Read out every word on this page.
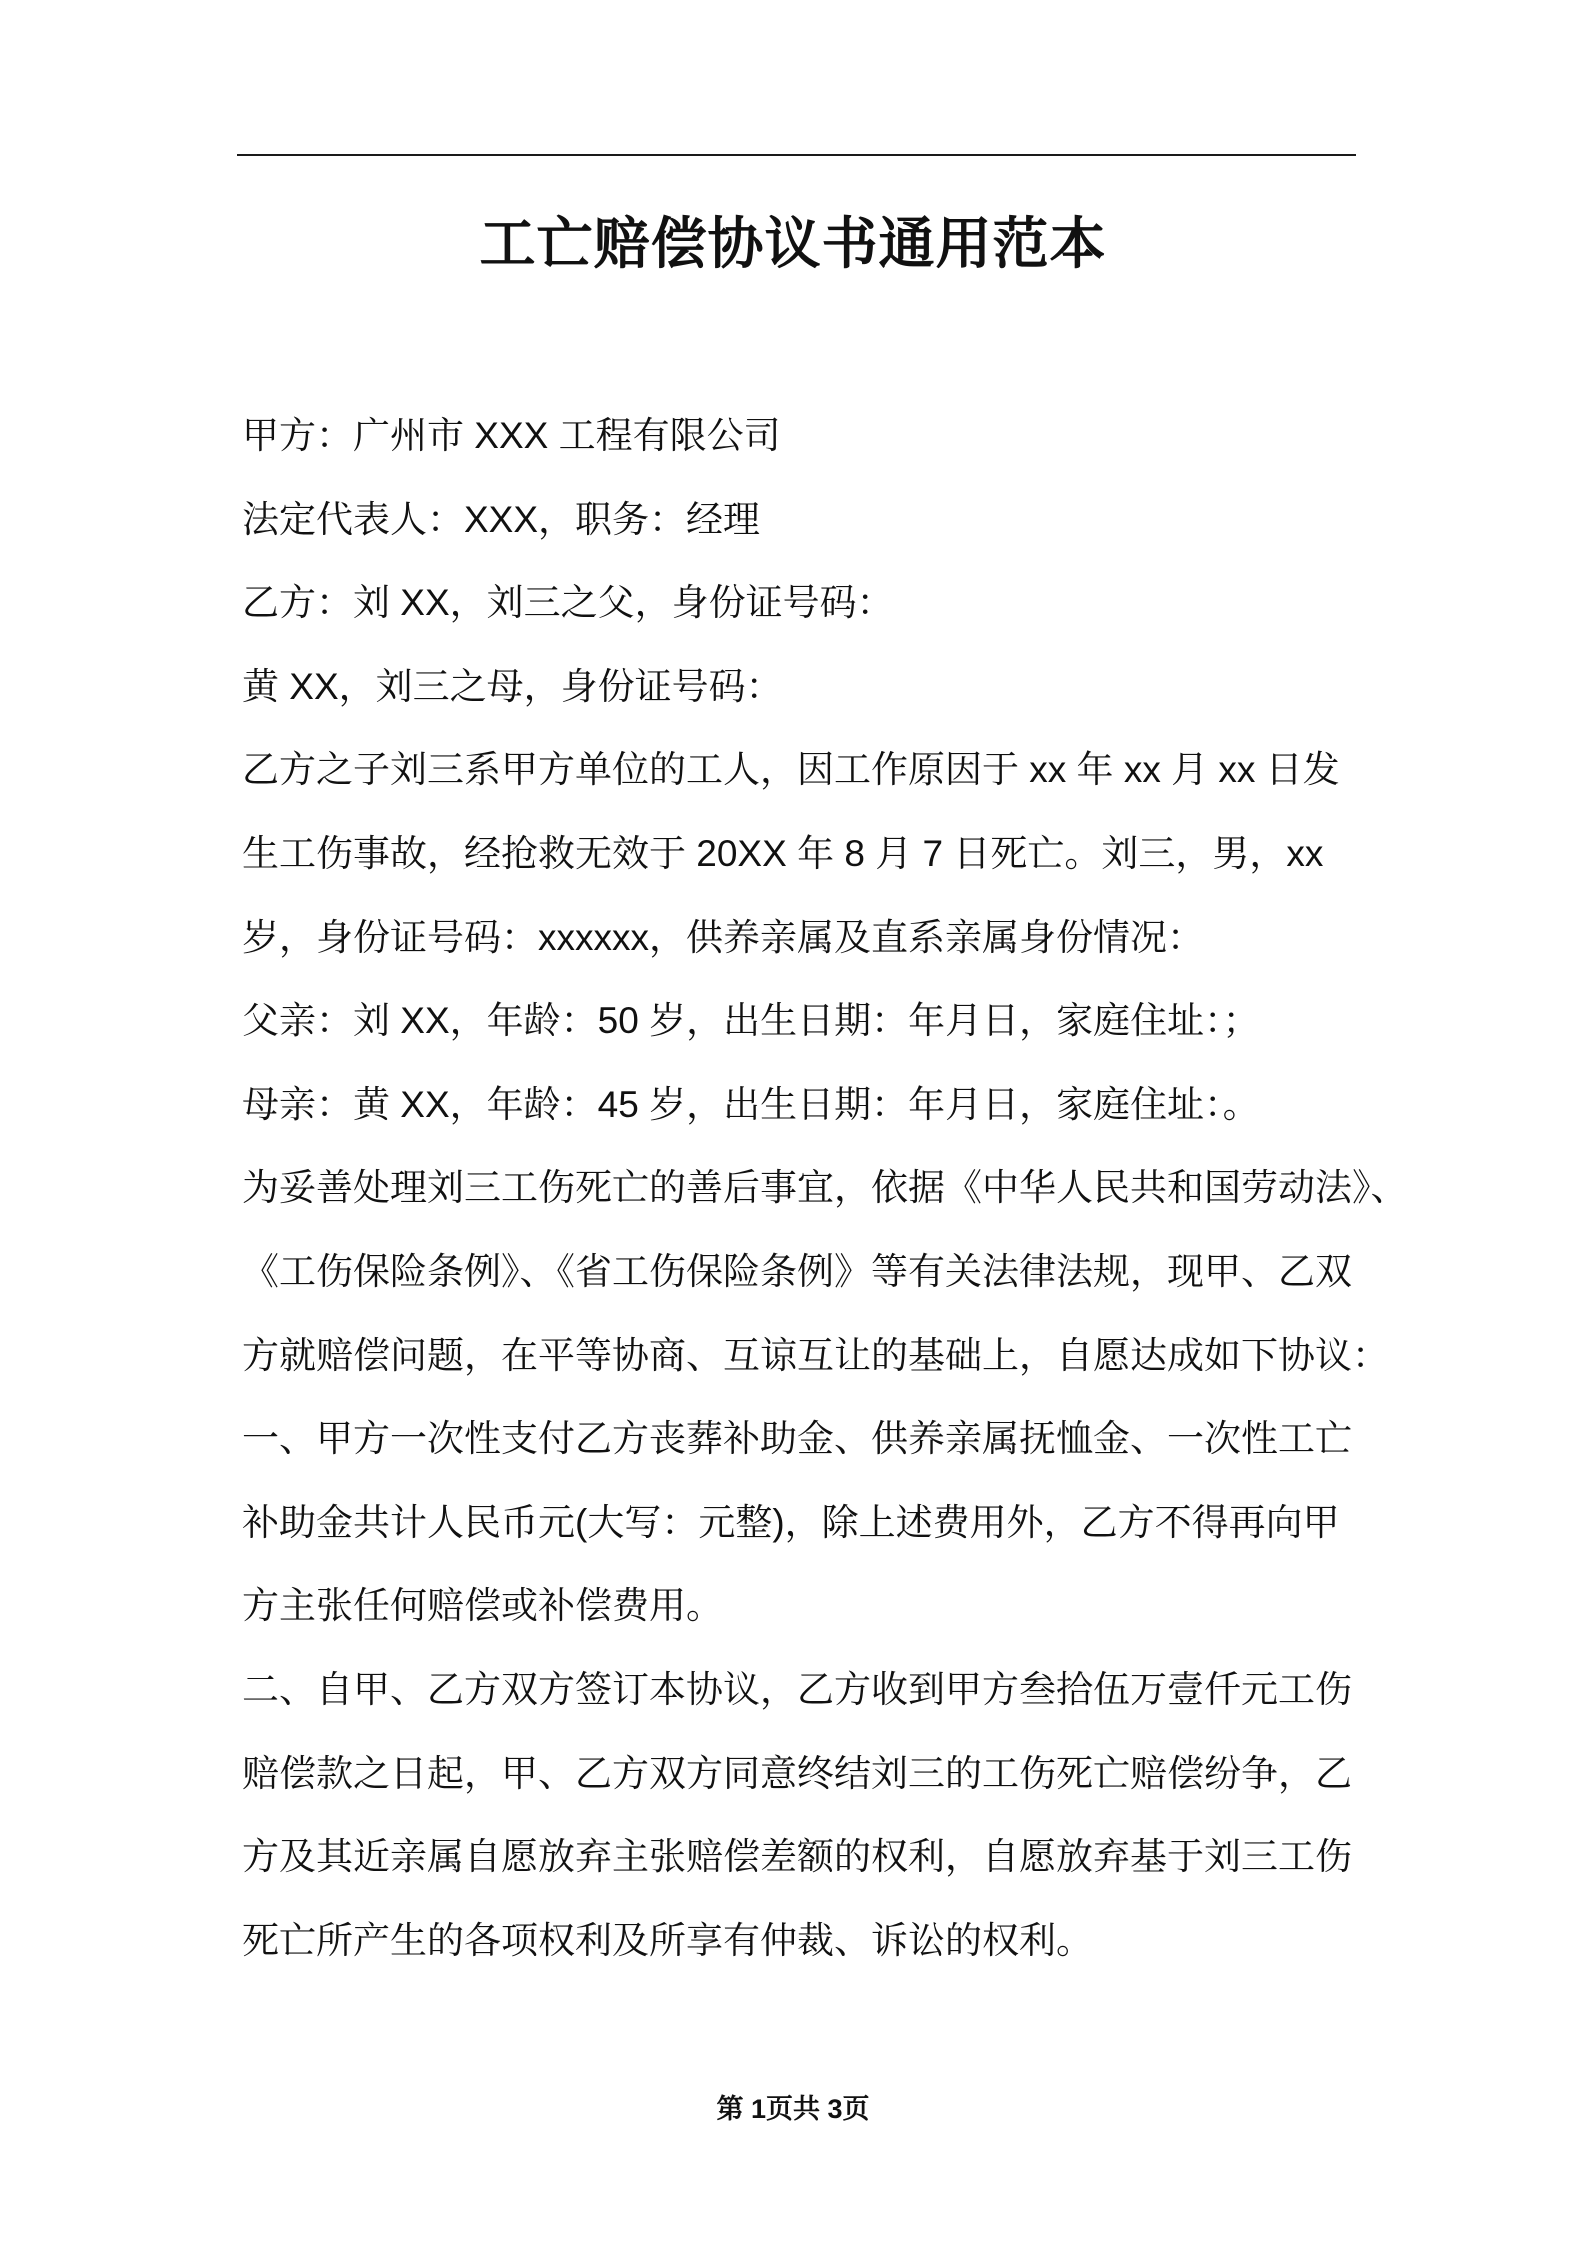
工亡赔偿协议书通用范本
甲方：广州市 XXX 工程有限公司
法定代表人：XXX，职务：经理
乙方：刘 XX，刘三之父，身份证号码：
黄 XX，刘三之母，身份证号码：
乙方之子刘三系甲方单位的工人，因工作原因于 xx 年 xx 月 xx 日发
生工伤事故，经抢救无效于 20XX 年 8 月 7 日死亡。刘三，男，xx
岁，身份证号码：xxxxxx，供养亲属及直系亲属身份情况：
父亲：刘 XX，年龄：50 岁，出生日期：年月日，家庭住址：；
母亲：黄 XX，年龄：45 岁，出生日期：年月日，家庭住址：。
为妥善处理刘三工伤死亡的善后事宜，依据《中华人民共和国劳动法》、
《工伤保险条例》、《省工伤保险条例》等有关法律法规，现甲、乙双
方就赔偿问题，在平等协商、互谅互让的基础上，自愿达成如下协议：
一、甲方一次性支付乙方丧葬补助金、供养亲属抚恤金、一次性工亡
补助金共计人民币元(大写：元整)，除上述费用外，乙方不得再向甲
方主张任何赔偿或补偿费用。
二、自甲、乙方双方签订本协议，乙方收到甲方叁拾伍万壹仟元工伤
赔偿款之日起，甲、乙方双方同意终结刘三的工伤死亡赔偿纷争，乙
方及其近亲属自愿放弃主张赔偿差额的权利，自愿放弃基于刘三工伤
死亡所产生的各项权利及所享有仲裁、诉讼的权利。
第 1页共 3页
